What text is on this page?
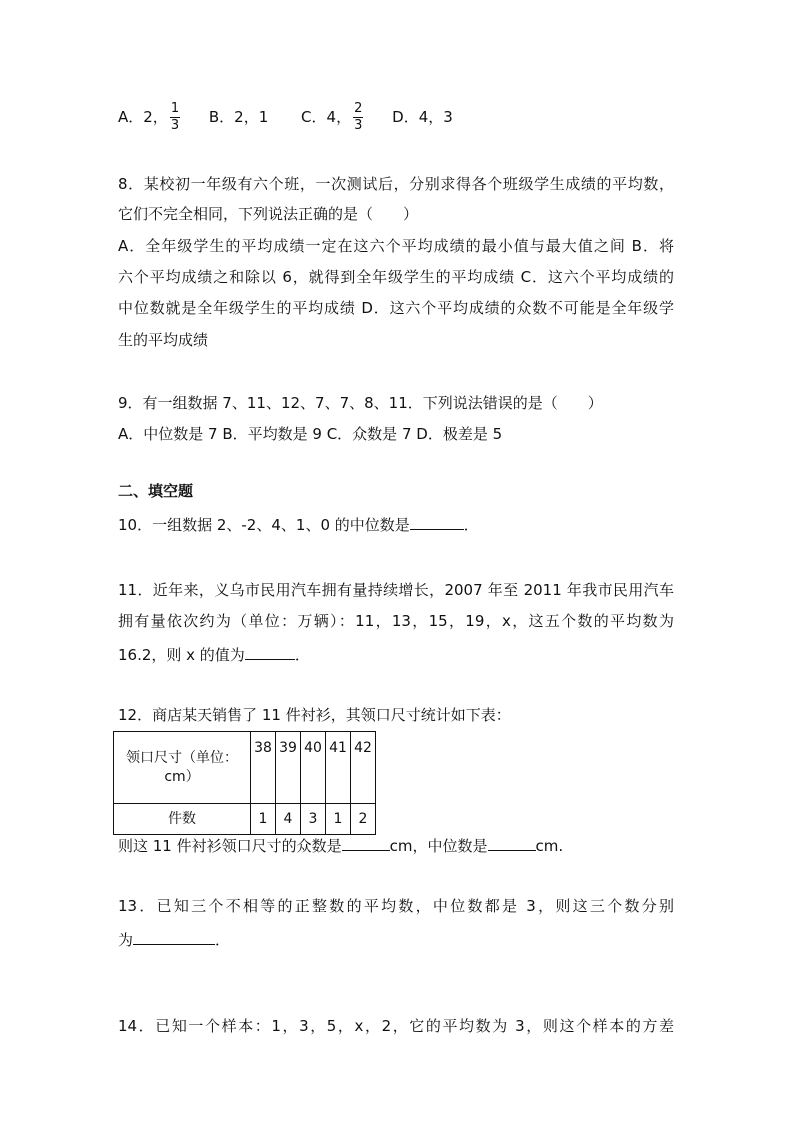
A．2， $\frac{1}{3}$ B．2，1 C．4， $\frac{2}{3}$ D．4，3
8．某校初一年级有六个班，一次测试后，分别求得各个班级学生成绩的平均数，
它们不完全相同，下列说法正确的是（　　）
A．全年级学生的平均成绩一定在这六个平均成绩的最小值与最大值之间 B．将
六个平均成绩之和除以 6，就得到全年级学生的平均成绩 C．这六个平均成绩的
中位数就是全年级学生的平均成绩 D．这六个平均成绩的众数不可能是全年级学
生的平均成绩
9．有一组数据 7、11、12、7、7、8、11．下列说法错误的是（　　）
A．中位数是 7 B．平均数是 9 C．众数是 7 D．极差是 5
二、填空题
10．一组数据 2、-2、4、1、0 的中位数是	．
11．近年来，义乌市民用汽车拥有量持续增长，2007 年至 2011 年我市民用汽车
拥有量依次约为（单位：万辆）：11，13，15，19，x，这五个数的平均数为
16.2，则 x 的值为	．
12．商店某天销售了 11 件衬衫，其领口尺寸统计如下表：
领口尺寸（单位：
cm）	38	39	40	41	42
件数	1	4	3	1	2
则这 11 件衬衫领口尺寸的众数是	cm，中位数是	cm.
13．已知三个不相等的正整数的平均数，中位数都是 3，则这三个数分别
为	．
14．已知一个样本：1，3，5，x，2，它的平均数为 3，则这个样本的方差
